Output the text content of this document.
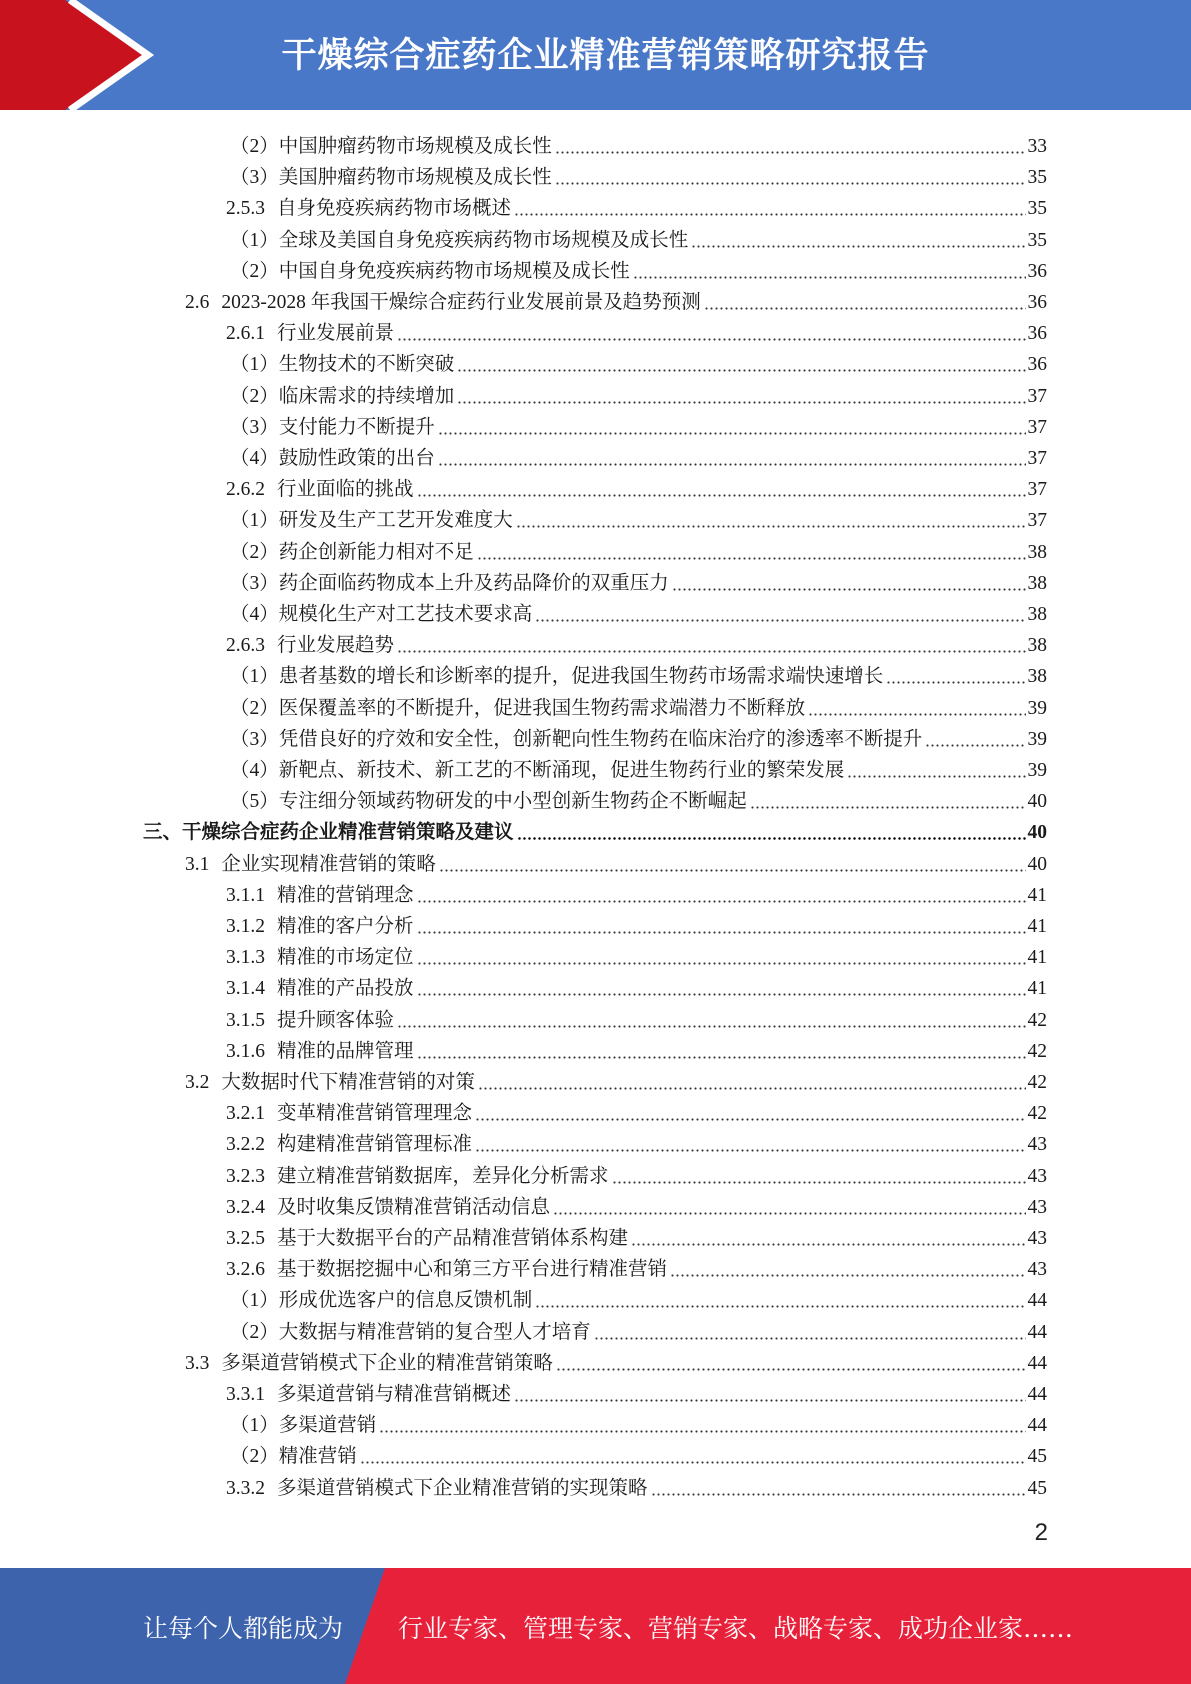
干燥综合症药企业精准营销策略研究报告
（2） 中国肿瘤药物市场规模及成长性	33
（3） 美国肿瘤药物市场规模及成长性	35
2.5.3 自身免疫疾病药物市场概述	35
（1） 全球及美国自身免疫疾病药物市场规模及成长性	35
（2） 中国自身免疫疾病药物市场规模及成长性	36
2.6 2023-2028 年我国干燥综合症药行业发展前景及趋势预测	36
2.6.1 行业发展前景	36
（1） 生物技术的不断突破	36
（2） 临床需求的持续增加	37
（3） 支付能力不断提升	37
（4） 鼓励性政策的出台	37
2.6.2 行业面临的挑战	37
（1） 研发及生产工艺开发难度大	37
（2） 药企创新能力相对不足	38
（3） 药企面临药物成本上升及药品降价的双重压力	38
（4） 规模化生产对工艺技术要求高	38
2.6.3 行业发展趋势	38
（1） 患者基数的增长和诊断率的提升，促进我国生物药市场需求端快速增长	38
（2） 医保覆盖率的不断提升，促进我国生物药需求端潜力不断释放	39
（3） 凭借良好的疗效和安全性，创新靶向性生物药在临床治疗的渗透率不断提升	39
（4） 新靶点、新技术、新工艺的不断涌现，促进生物药行业的繁荣发展	39
（5） 专注细分领域药物研发的中小型创新生物药企不断崛起	40
三、 干燥综合症药企业精准营销策略及建议	40
3.1 企业实现精准营销的策略	40
3.1.1 精准的营销理念	41
3.1.2 精准的客户分析	41
3.1.3 精准的市场定位	41
3.1.4 精准的产品投放	41
3.1.5 提升顾客体验	42
3.1.6 精准的品牌管理	42
3.2 大数据时代下精准营销的对策	42
3.2.1 变革精准营销管理理念	42
3.2.2 构建精准营销管理标准	43
3.2.3 建立精准营销数据库，差异化分析需求	43
3.2.4 及时收集反馈精准营销活动信息	43
3.2.5 基于大数据平台的产品精准营销体系构建	43
3.2.6 基于数据挖掘中心和第三方平台进行精准营销	43
（1） 形成优选客户的信息反馈机制	44
（2） 大数据与精准营销的复合型人才培育	44
3.3 多渠道营销模式下企业的精准营销策略	44
3.3.1 多渠道营销与精准营销概述	44
（1） 多渠道营销	44
（2） 精准营销	45
3.3.2 多渠道营销模式下企业精准营销的实现策略	45
2
让每个人都能成为 行业专家、管理专家、营销专家、战略专家、成功企业家……
